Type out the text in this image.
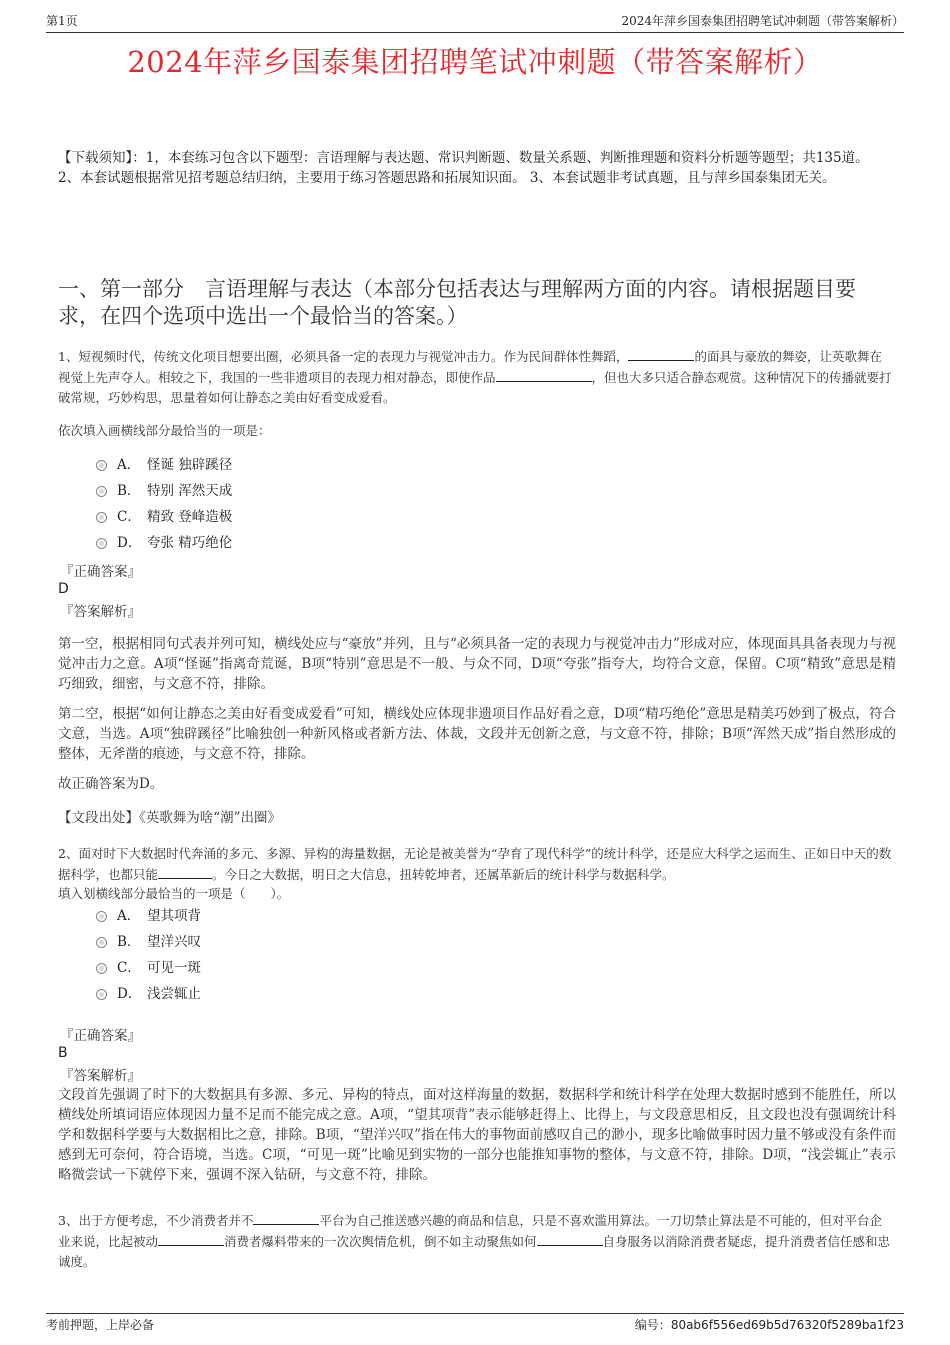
第1页	2024年萍乡国泰集团招聘笔试冲刺题（带答案解析）
2024年萍乡国泰集团招聘笔试冲刺题（带答案解析）
【下载须知】：1，本套练习包含以下题型：言语理解与表达题、常识判断题、数量关系题、判断推理题和资料分析题等题型；共135道。 2、本套试题根据常见招考题总结归纳，主要用于练习答题思路和拓展知识面。 3、本套试题非考试真题，且与萍乡国泰集团无关。
一、第一部分　言语理解与表达（本部分包括表达与理解两方面的内容。请根据题目要求，在四个选项中选出一个最恰当的答案。）
1、短视频时代，传统文化项目想要出圈，必须具备一定的表现力与视觉冲击力。作为民间群体性舞蹈，	的面具与豪放的舞姿，让英歌舞在视觉上先声夺人。相较之下，我国的一些非遗项目的表现力相对静态，即使作品	，但也大多只适合静态观赏。这种情况下的传播就要打破常规，巧妙构思，思量着如何让静态之美由好看变成爱看。
依次填入画横线部分最恰当的一项是：
A． 怪诞 独辟蹊径
B． 特别 浑然天成
C． 精致 登峰造极
D． 夸张 精巧绝伦
『正确答案』
D
『答案解析』
第一空，根据相同句式表并列可知，横线处应与“豪放”并列，且与“必须具备一定的表现力与视觉冲击力”形成对应，体现面具具备表现力与视觉冲击力之意。A项“怪诞”指离奇荒诞，B项“特别”意思是不一般、与众不同，D项“夸张”指夸大，均符合文意，保留。C项“精致”意思是精巧细致，细密，与文意不符，排除。
第二空，根据“如何让静态之美由好看变成爱看”可知，横线处应体现非遗项目作品好看之意，D项“精巧绝伦”意思是精美巧妙到了极点，符合文意，当选。A项“独辟蹊径”比喻独创一种新风格或者新方法、体裁，文段并无创新之意，与文意不符，排除；B项“浑然天成”指自然形成的整体，无斧凿的痕迹，与文意不符，排除。
故正确答案为D。
【文段出处】《英歌舞为啥“潮”出圈》
2、面对时下大数据时代奔涌的多元、多源、异构的海量数据，无论是被美誉为“孕育了现代科学”的统计科学，还是应大科学之运而生、正如日中天的数据科学，也都只能	。今日之大数据，明日之大信息，扭转乾坤者，还属革新后的统计科学与数据科学。
填入划横线部分最恰当的一项是（　　）。
A． 望其项背
B． 望洋兴叹
C． 可见一斑
D． 浅尝辄止
『正确答案』
B
『答案解析』
文段首先强调了时下的大数据具有多源、多元、异构的特点，面对这样海量的数据，数据科学和统计科学在处理大数据时感到不能胜任，所以横线处所填词语应体现因力量不足而不能完成之意。A项，“望其项背”表示能够赶得上、比得上，与文段意思相反，且文段也没有强调统计科学和数据科学要与大数据相比之意，排除。B项，“望洋兴叹”指在伟大的事物面前感叹自己的渺小，现多比喻做事时因力量不够或没有条件而感到无可奈何，符合语境，当选。C项，“可见一斑”比喻见到实物的一部分也能推知事物的整体，与文意不符，排除。D项，“浅尝辄止”表示略微尝试一下就停下来，强调不深入钻研，与文意不符，排除。
3、出于方便考虑，不少消费者并不	平台为自己推送感兴趣的商品和信息，只是不喜欢滥用算法。一刀切禁止算法是不可能的，但对平台企业来说，比起被动	消费者爆料带来的一次次舆情危机，倒不如主动聚焦如何	自身服务以消除消费者疑虑，提升消费者信任感和忠诚度。
考前押题，上岸必备	编号：80ab6f556ed69b5d76320f5289ba1f23
